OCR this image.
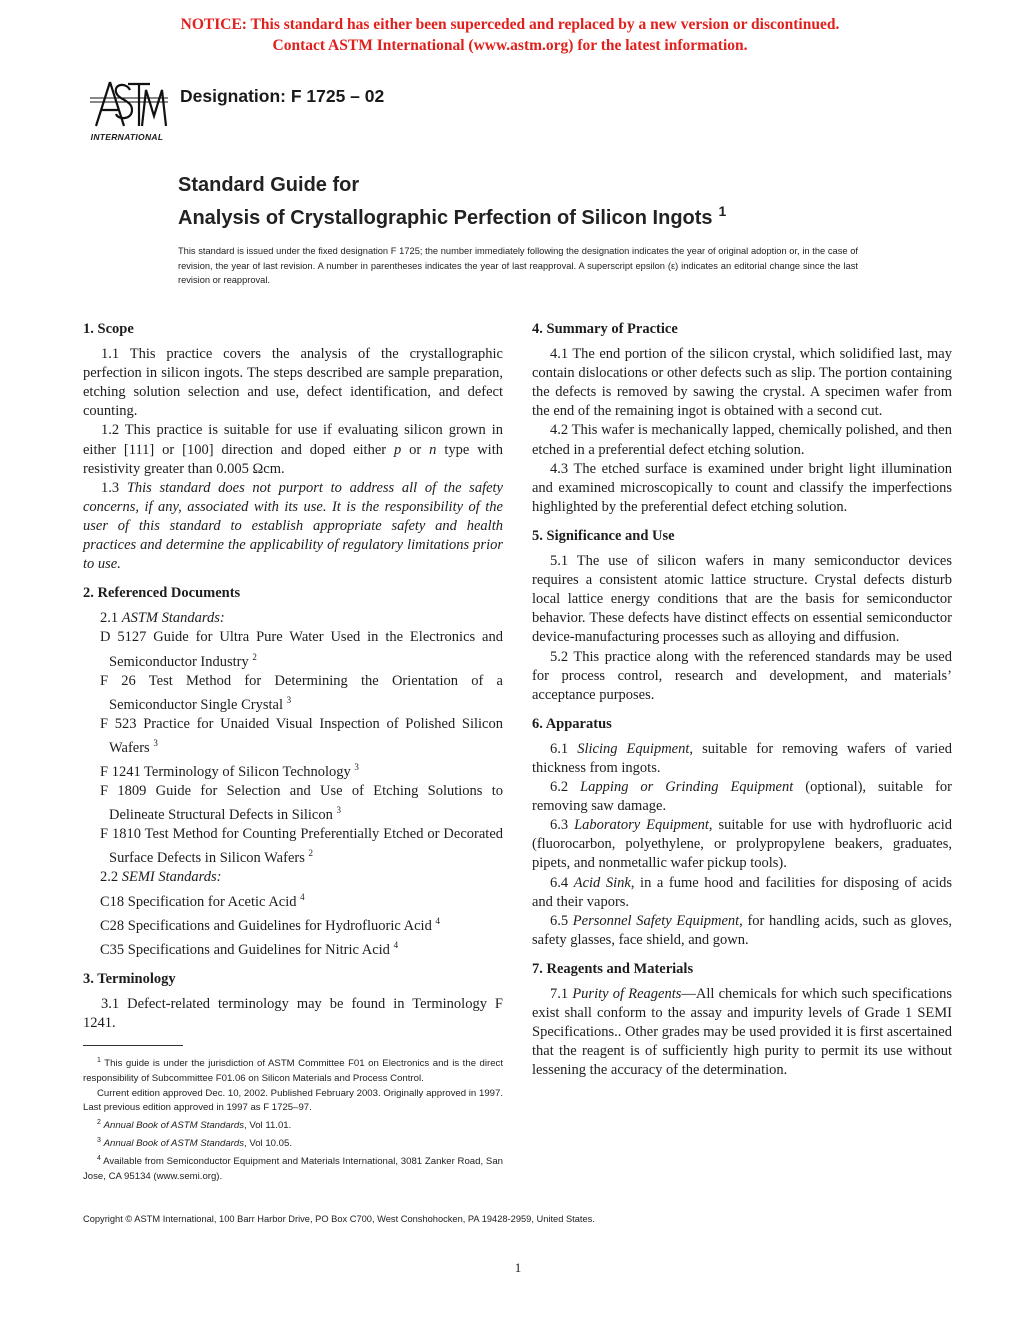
NOTICE: This standard has either been superceded and replaced by a new version or discontinued.
Contact ASTM International (www.astm.org) for the latest information.
INTERNATIONAL
Designation: F 1725 – 02
Standard Guide for
Analysis of Crystallographic Perfection of Silicon Ingots $^1$
This standard is issued under the fixed designation F 1725; the number immediately following the designation indicates the year of original adoption or, in the case of revision, the year of last revision. A number in parentheses indicates the year of last reapproval. A superscript epsilon (ε) indicates an editorial change since the last revision or reapproval.
1. Scope

1.1 This practice covers the analysis of the crystallographic perfection in silicon ingots. The steps described are sample preparation, etching solution selection and use, defect identification, and defect counting.

1.2 This practice is suitable for use if evaluating silicon grown in either [111] or [100] direction and doped either p or n type with resistivity greater than 0.005 Ωcm.

1.3 This standard does not purport to address all of the safety concerns, if any, associated with its use. It is the responsibility of the user of this standard to establish appropriate safety and health practices and determine the applicability of regulatory limitations prior to use.

2. Referenced Documents

2.1 ASTM Standards:

D 5127 Guide for Ultra Pure Water Used in the Electronics and Semiconductor Industry $^2$

F 26 Test Method for Determining the Orientation of a Semiconductor Single Crystal $^3$

F 523 Practice for Unaided Visual Inspection of Polished Silicon Wafers $^3$

F 1241 Terminology of Silicon Technology $^3$

F 1809 Guide for Selection and Use of Etching Solutions to Delineate Structural Defects in Silicon $^3$

F 1810 Test Method for Counting Preferentially Etched or Decorated Surface Defects in Silicon Wafers $^2$

2.2 SEMI Standards:

C18 Specification for Acetic Acid $^4$

C28 Specifications and Guidelines for Hydrofluoric Acid $^4$

C35 Specifications and Guidelines for Nitric Acid $^4$

3. Terminology

3.1 Defect-related terminology may be found in Terminology F 1241.

$^1$ This guide is under the jurisdiction of ASTM Committee F01 on Electronics and is the direct responsibility of Subcommittee F01.06 on Silicon Materials and Process Control.

Current edition approved Dec. 10, 2002. Published February 2003. Originally approved in 1997. Last previous edition approved in 1997 as F 1725–97.

$^2$ Annual Book of ASTM Standards, Vol 11.01.

$^3$ Annual Book of ASTM Standards, Vol 10.05.

$^4$ Available from Semiconductor Equipment and Materials International, 3081 Zanker Road, San Jose, CA 95134 (www.semi.org).

4. Summary of Practice

4.1 The end portion of the silicon crystal, which solidified last, may contain dislocations or other defects such as slip. The portion containing the defects is removed by sawing the crystal. A specimen wafer from the end of the remaining ingot is obtained with a second cut.

4.2 This wafer is mechanically lapped, chemically polished, and then etched in a preferential defect etching solution.

4.3 The etched surface is examined under bright light illumination and examined microscopically to count and classify the imperfections highlighted by the preferential defect etching solution.

5. Significance and Use

5.1 The use of silicon wafers in many semiconductor devices requires a consistent atomic lattice structure. Crystal defects disturb local lattice energy conditions that are the basis for semiconductor behavior. These defects have distinct effects on essential semiconductor device-manufacturing processes such as alloying and diffusion.

5.2 This practice along with the referenced standards may be used for process control, research and development, and materials’ acceptance purposes.

6. Apparatus

6.1 Slicing Equipment, suitable for removing wafers of varied thickness from ingots.

6.2 Lapping or Grinding Equipment (optional), suitable for removing saw damage.

6.3 Laboratory Equipment, suitable for use with hydrofluoric acid (fluorocarbon, polyethylene, or prolypropylene beakers, graduates, pipets, and nonmetallic wafer pickup tools).

6.4 Acid Sink, in a fume hood and facilities for disposing of acids and their vapors.

6.5 Personnel Safety Equipment, for handling acids, such as gloves, safety glasses, face shield, and gown.

7. Reagents and Materials

7.1 Purity of Reagents—All chemicals for which such specifications exist shall conform to the assay and impurity levels of Grade 1 SEMI Specifications.. Other grades may be used provided it is first ascertained that the reagent is of sufficiently high purity to permit its use without lessening the accuracy of the determination.

Copyright © ASTM International, 100 Barr Harbor Drive, PO Box C700, West Conshohocken, PA 19428-2959, United States.
1
